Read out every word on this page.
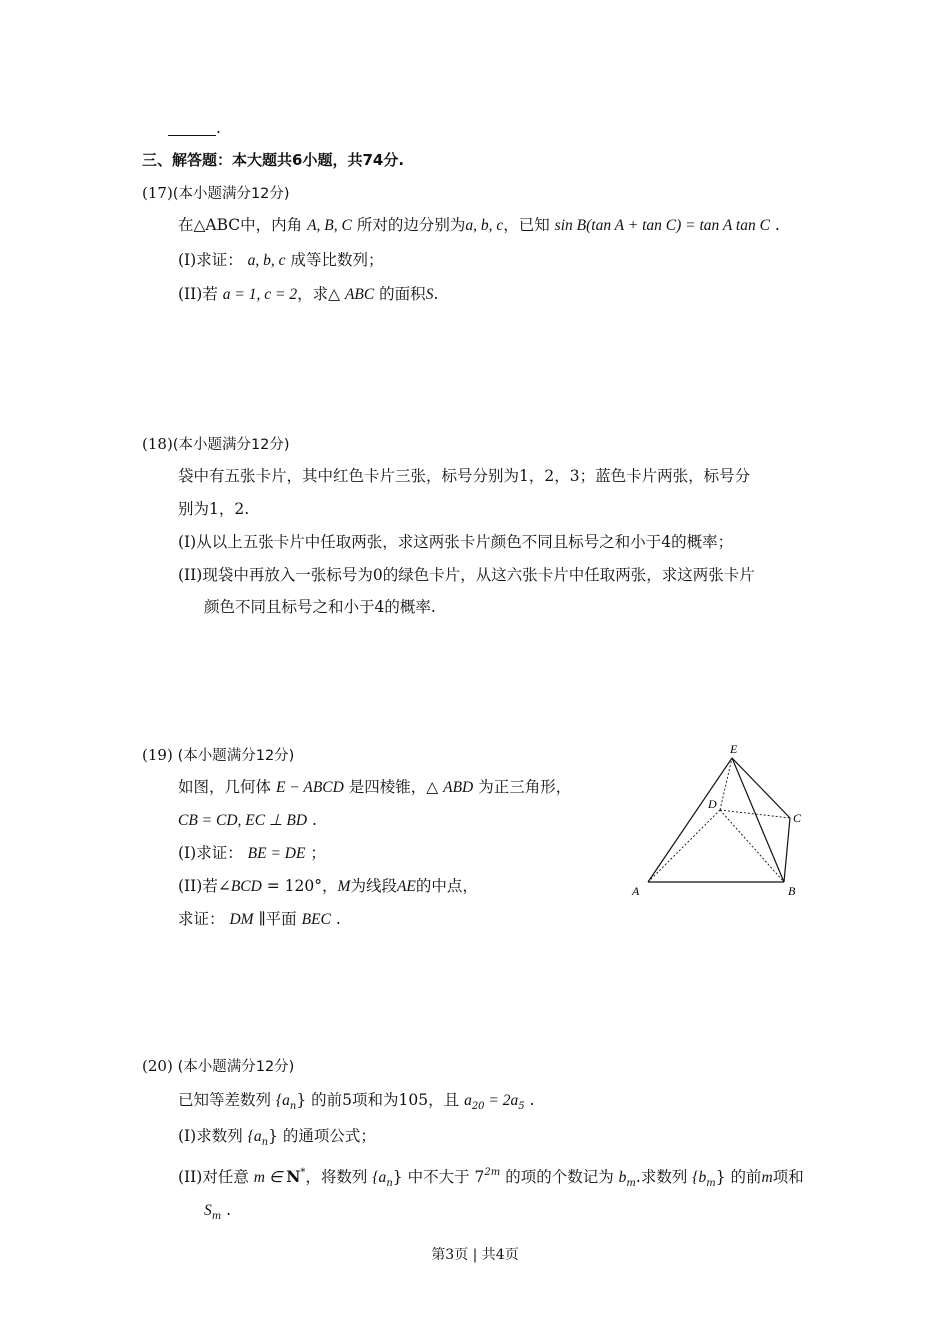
.
三、解答题：本大题共6小题，共74分.
(17)(本小题满分12分)
在△ABC中，内角 A, B, C 所对的边分别为a, b, c，已知 sin B(tan A + tan C) = tan A tan C .
(I)求证： a, b, c 成等比数列；
(II)若 a = 1, c = 2，求△ ABC 的面积S.
(18)(本小题满分12分)
袋中有五张卡片，其中红色卡片三张，标号分别为1，2，3；蓝色卡片两张，标号分
别为1，2.
(I)从以上五张卡片中任取两张，求这两张卡片颜色不同且标号之和小于4的概率；
(II)现袋中再放入一张标号为0的绿色卡片，从这六张卡片中任取两张，求这两张卡片
颜色不同且标号之和小于4的概率.
(19) (本小题满分12分)
如图，几何体 E − ABCD 是四棱锥，△ ABD 为正三角形，
CB = CD, EC ⊥ BD .
(I)求证： BE = DE ；
(II)若∠BCD = 120°，M为线段AE的中点，
求证： DM ∥平面 BEC .
E
D
C
A	B
(20) (本小题满分12分)
已知等差数列 $\{a_n\}$ 的前5项和为105，且 $a_{20} = 2a_5$ .
(I)求数列 $\{a_n\}$ 的通项公式；
(II)对任意 m ∈ N*，将数列 $\{a_n\}$ 中不大于 $7^{2m}$ 的项的个数记为 $b_m$.求数列 $\{b_m\}$ 的前m项和
$S_m$ .
第3页 | 共4页
